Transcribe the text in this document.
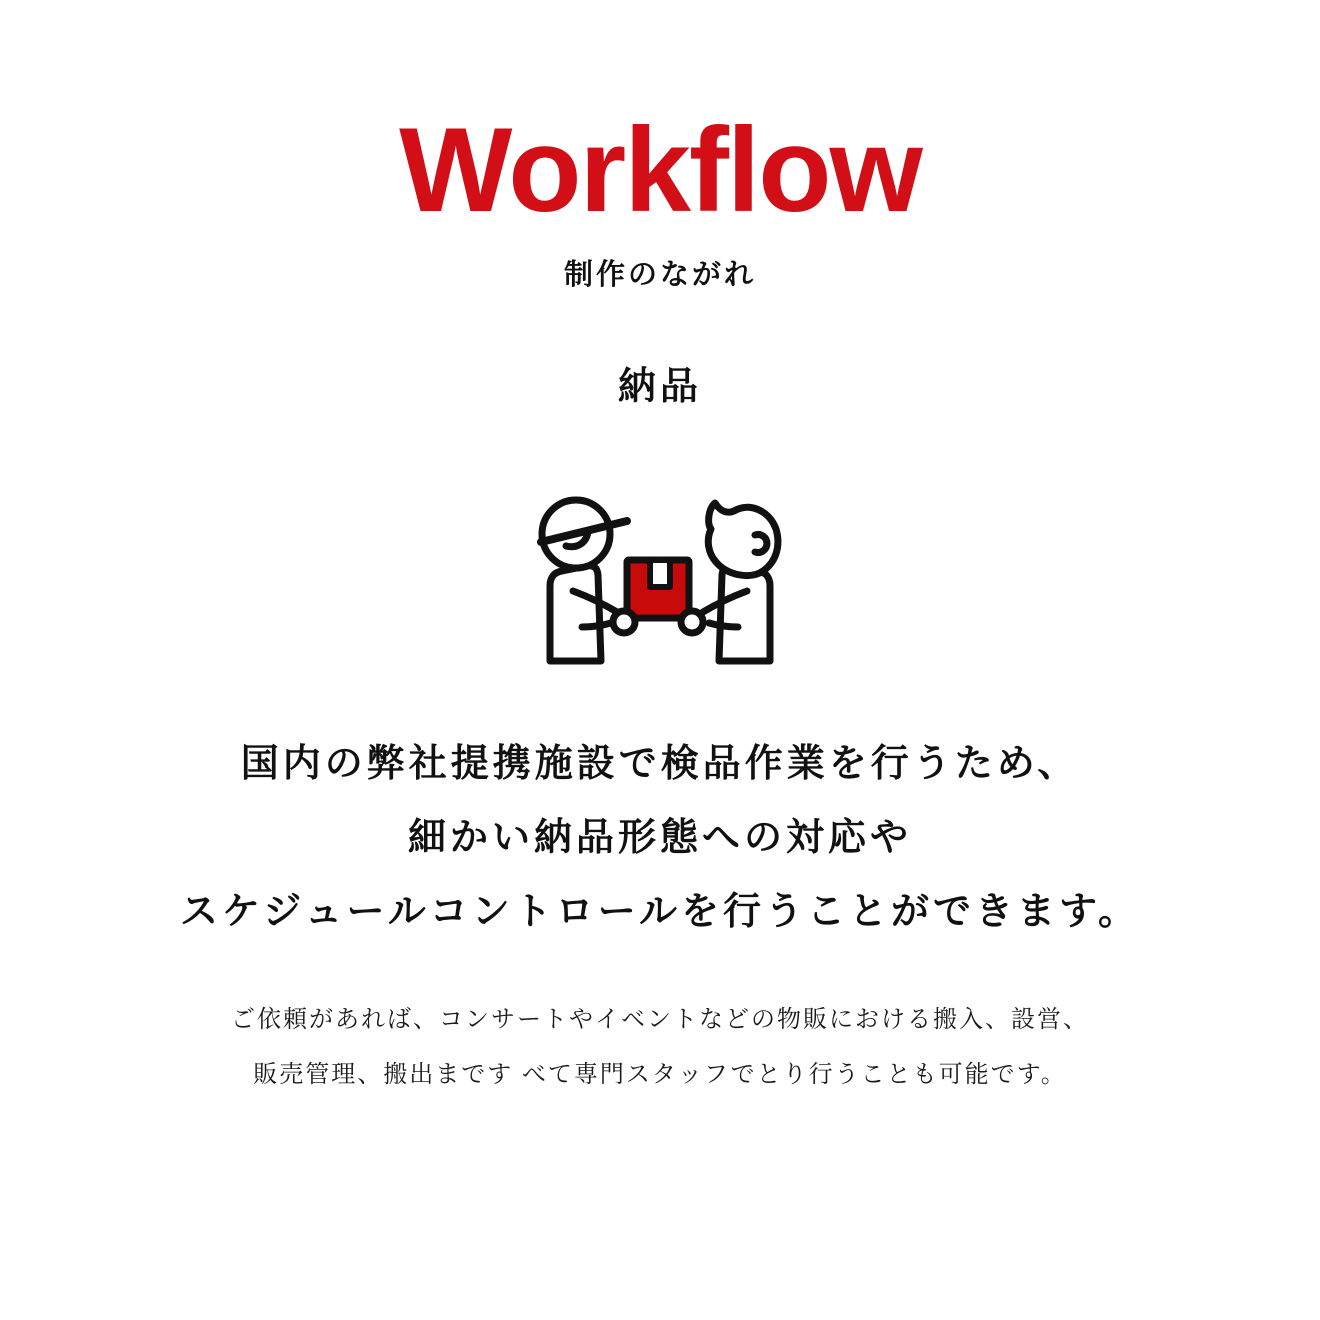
Workflow
制作のながれ
納品
国内の弊社提携施設で検品作業を行うため、
細かい納品形態への対応や
スケジュールコントロールを行うことができます。
ご依頼があれば、コンサートやイベントなどの物販における搬入、設営、
販売管理、搬出まです べて専門スタッフでとり行うことも可能です。
